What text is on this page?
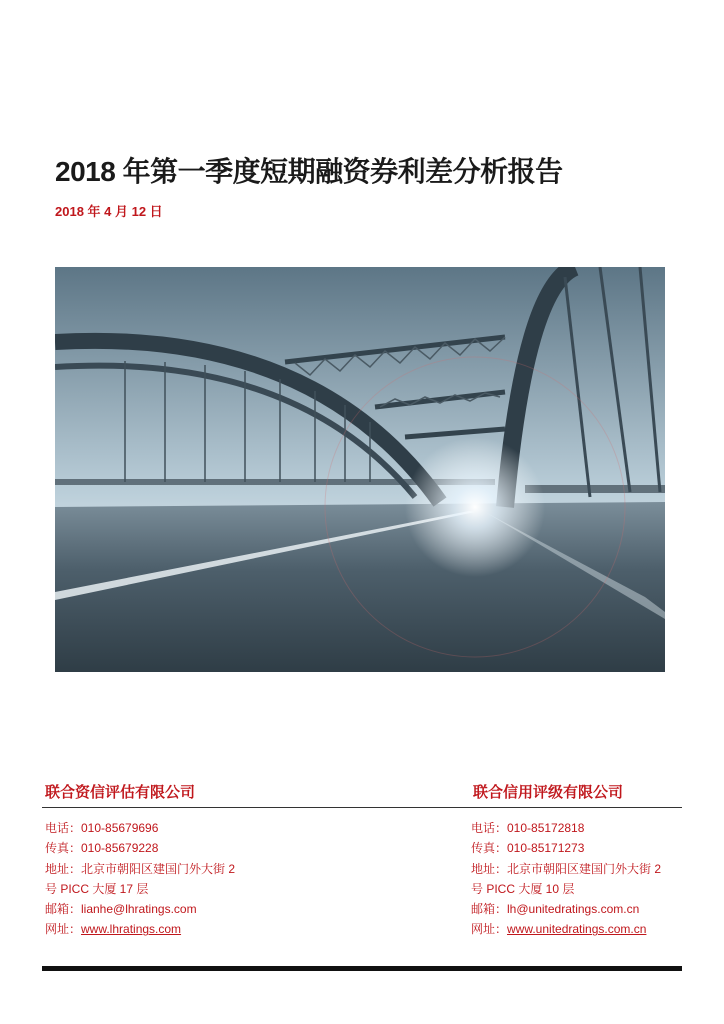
2018 年第一季度短期融资券利差分析报告
2018 年 4 月 12 日
联合资信评估有限公司	联合信用评级有限公司
电话：010-85679696
传真：010-85679228
地址：北京市朝阳区建国门外大街 2
号 PICC 大厦 17 层
邮箱：lianhe@lhratings.com
网址：www.lhratings.com
电话：010-85172818
传真：010-85171273
地址：北京市朝阳区建国门外大街 2
号 PICC 大厦 10 层
邮箱：lh@unitedratings.com.cn
网址：www.unitedratings.com.cn
